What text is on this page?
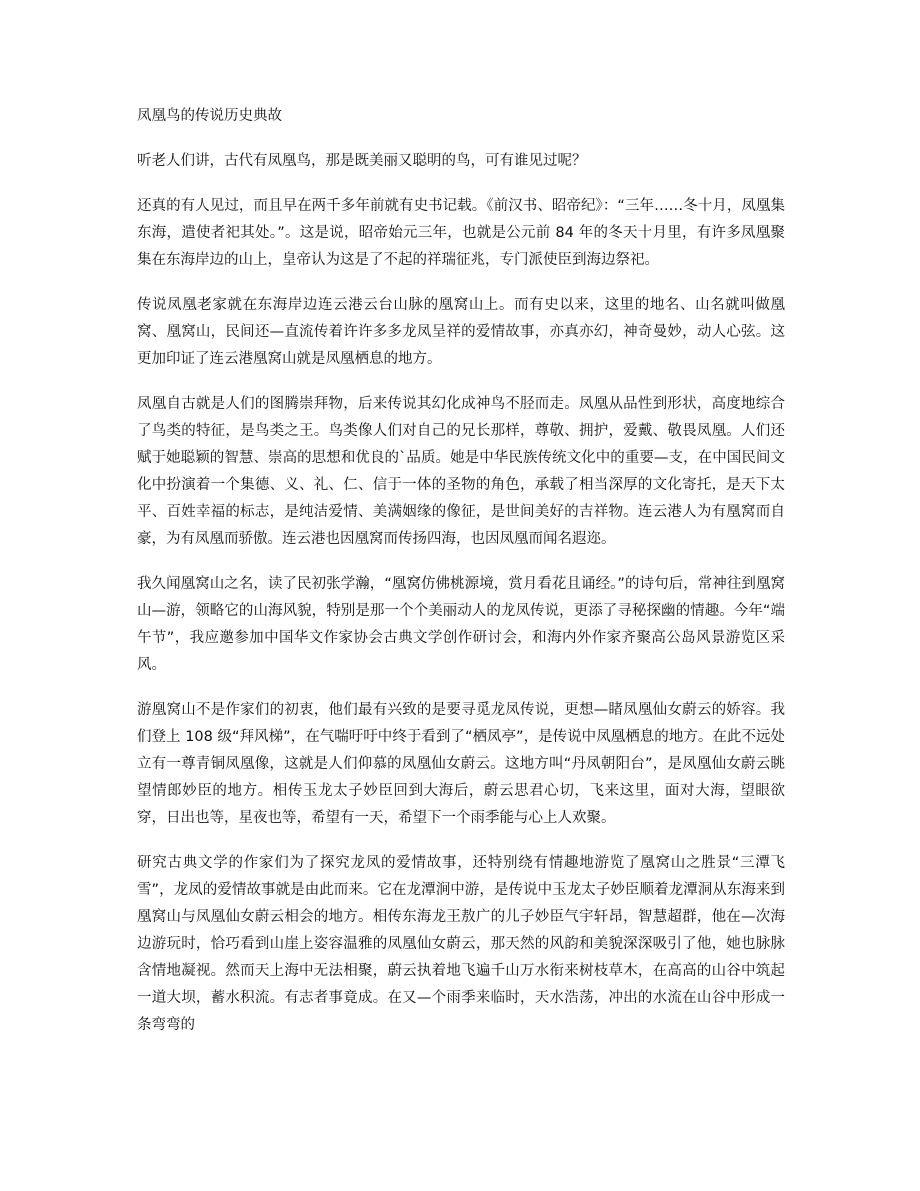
凤凰鸟的传说历史典故

听老人们讲，古代有凤凰鸟，那是既美丽又聪明的鸟，可有谁见过呢？

还真的有人见过，而且早在两千多年前就有史书记载。《前汉书、昭帝纪》：“三年……冬十月，凤凰集东海，遣使者祀其处。”。这是说，昭帝始元三年，也就是公元前 84 年的冬天十月里，有许多凤凰聚集在东海岸边的山上，皇帝认为这是了不起的祥瑞征兆，专门派使臣到海边祭祀。

传说凤凰老家就在东海岸边连云港云台山脉的凰窝山上。而有史以来，这里的地名、山名就叫做凰窝、凰窝山，民间还—直流传着许许多多龙凤呈祥的爱情故事，亦真亦幻，神奇曼妙，动人心弦。这更加印证了连云港凰窝山就是凤凰栖息的地方。

凤凰自古就是人们的图腾崇拜物，后来传说其幻化成神鸟不胫而走。凤凰从品性到形状，高度地综合了鸟类的特征，是鸟类之王。鸟类像人们对自己的兄长那样，尊敬、拥护，爱戴、敬畏凤凰。人们还赋于她聪颖的智慧、崇高的思想和优良的`品质。她是中华民族传统文化中的重要—支，在中国民间文化中扮演着一个集德、义、礼、仁、信于一体的圣物的角色，承载了相当深厚的文化寄托，是天下太平、百姓幸福的标志，是纯洁爱情、美满姻缘的像征，是世间美好的吉祥物。连云港人为有凰窝而自豪，为有凤凰而骄傲。连云港也因凰窝而传扬四海，也因凤凰而闻名遐迩。

我久闻凰窝山之名，读了民初张学瀚，“凰窝仿佛桃源境，赏月看花且诵经。”的诗句后，常神往到凰窝山—游，领略它的山海风貌，特别是那一个个美丽动人的龙凤传说，更添了寻秘探幽的情趣。今年“端午节”，我应邀参加中国华文作家协会古典文学创作研讨会，和海内外作家齐聚高公岛风景游览区采风。

游凰窝山不是作家们的初衷，他们最有兴致的是要寻觅龙凤传说，更想—睹凤凰仙女蔚云的娇容。我们登上 108 级“拜风梯”，在气喘吁吁中终于看到了“栖凤亭”，是传说中凤凰栖息的地方。在此不远处立有一尊青铜凤凰像，这就是人们仰慕的凤凰仙女蔚云。这地方叫“丹凤朝阳台”，是凤凰仙女蔚云眺望情郎妙臣的地方。相传玉龙太子妙臣回到大海后，蔚云思君心切，飞来这里，面对大海，望眼欲穿，日出也等，星夜也等，希望有一天，希望下一个雨季能与心上人欢聚。

研究古典文学的作家们为了探究龙凤的爱情故事，还特别绕有情趣地游览了凰窝山之胜景“三潭飞雪”，龙凤的爱情故事就是由此而来。它在龙潭涧中游，是传说中玉龙太子妙臣顺着龙潭洞从东海来到凰窝山与凤凰仙女蔚云相会的地方。相传东海龙王敖广的儿子妙臣气宇轩昂，智慧超群，他在—次海边游玩时，恰巧看到山崖上姿容温雅的凤凰仙女蔚云，那天然的风韵和美貌深深吸引了他，她也脉脉含情地凝视。然而天上海中无法相聚，蔚云执着地飞遍千山万水衔来树枝草木，在高高的山谷中筑起一道大坝，蓄水积流。有志者事竟成。在又—个雨季来临时，天水浩荡，冲出的水流在山谷中形成一条弯弯的
